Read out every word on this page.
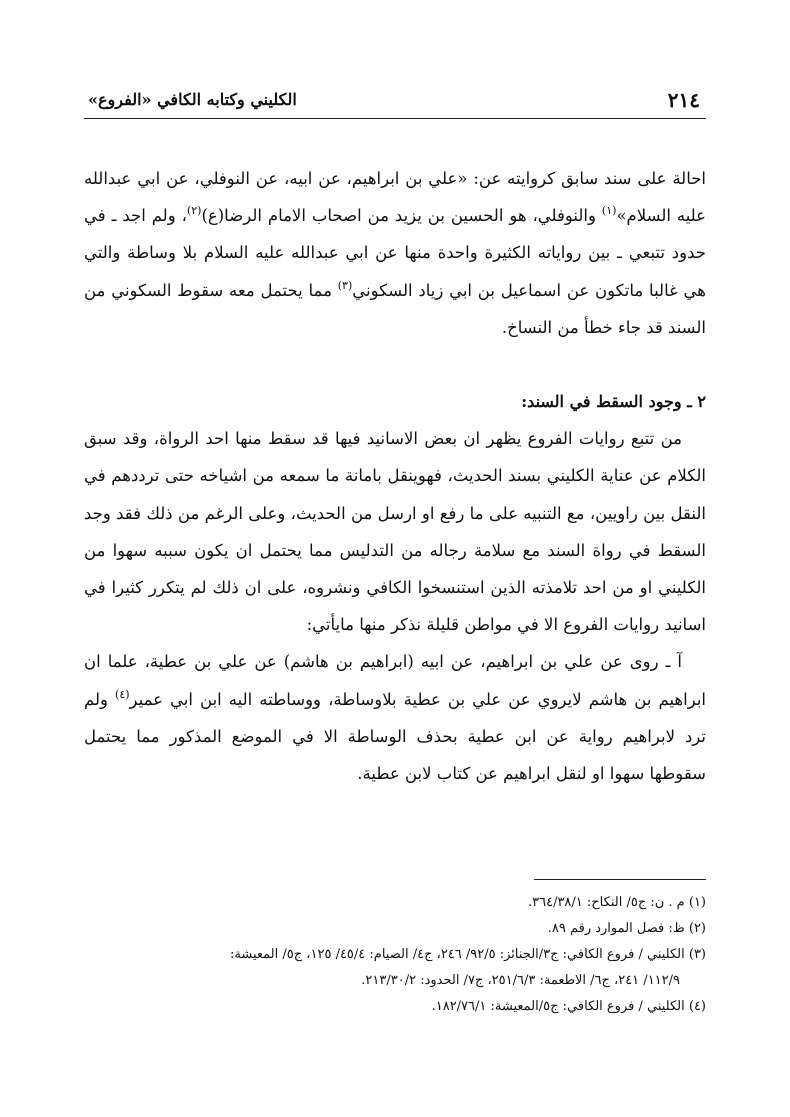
٢١٤
الكليني وكتابه الكافي «الفروع»

احالة على سند سابق كروايته عن: «علي بن ابراهيم، عن ابيه، عن النوفلي، عن ابي عبدالله عليه السلام»$^{(١)}$ والنوفلي، هو الحسين بن يزيد من اصحاب الامام الرضا(ع)$^{(٢)}$، ولم اجد ـ في حدود تتبعي ـ بين رواياته الكثيرة واحدة منها عن ابي عبدالله عليه السلام بلا وساطة والتي هي غالبا ماتكون عن اسماعيل بن ابي زياد السكوني$^{(٣)}$ مما يحتمل معه سقوط السكوني من السند قد جاء خطأ من النساخ.

٢ ـ وجود السقط في السند:

من تتبع روايات الفروع يظهر ان بعض الاسانيد فيها قد سقط منها احد الرواة، وقد سبق الكلام عن عناية الكليني بسند الحديث، فهوينقل بامانة ما سمعه من اشياخه حتى ترددهم في النقل بين راويين، مع التنبيه على ما رفع او ارسل من الحديث، وعلى الرغم من ذلك فقد وجد السقط في رواة السند مع سلامة رجاله من التدليس مما يحتمل ان يكون سببه سهوا من الكليني او من احد تلامذته الذين استنسخوا الكافي ونشروه، على ان ذلك لم يتكرر كثيرا في اسانيد روايات الفروع الا في مواطن قليلة نذكر منها مايأتي:

آ ـ روى عن علي بن ابراهيم، عن ابيه (ابراهيم بن هاشم) عن علي بن عطية، علما ان ابراهيم بن هاشم لايروي عن علي بن عطية بلاوساطة، ووساطته اليه ابن ابي عمير$^{(٤)}$ ولم ترد لابراهيم رواية عن ابن عطية بحذف الوساطة الا في الموضع المذكور مما يحتمل سقوطها سهوا او لنقل ابراهيم عن كتاب لابن عطية.

(١) م . ن: ج٥/ النكاح: ٣٦٤/٣٨/١.

(٢) ظ: فصل الموارد رقم ٨٩.

(٣) الكليني / فروع الكافي: ج٣/الجنائز: ٩٢/٥/ ٢٤٦، ج٤/ الصيام: ٤٥/٤/ ١٢٥، ج٥/ المعيشة:

١١٢/٩/ ٢٤١، ج٦/ الاطعمة: ٢٥١/٦/٣، ج٧/ الحدود: ٢١٣/٣٠/٢.

(٤) الكليني / فروع الكافي: ج٥/المعيشة: ١٨٢/٧٦/١.
